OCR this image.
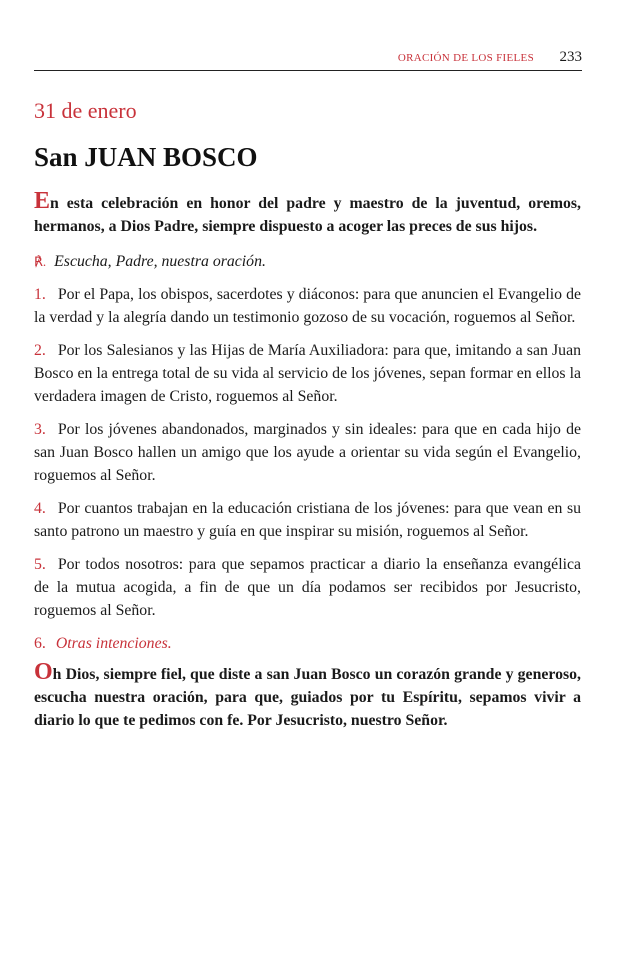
ORACIÓN DE LOS FIELES 233
31 de enero
San JUAN BOSCO

En esta celebración en honor del padre y maestro de la juventud, oremos, hermanos, a Dios Padre, siempre dispuesto a acoger las preces de sus hijos.

℟. Escucha, Padre, nuestra oración.

1. Por el Papa, los obispos, sacerdotes y diáconos: para que anuncien el Evangelio de la verdad y la alegría dando un testimonio gozoso de su vocación, roguemos al Señor.

2. Por los Salesianos y las Hijas de María Auxiliadora: para que, imitando a san Juan Bosco en la entrega total de su vida al servicio de los jóvenes, sepan formar en ellos la verdadera imagen de Cristo, roguemos al Señor.

3. Por los jóvenes abandonados, marginados y sin ideales: para que en cada hijo de san Juan Bosco hallen un amigo que los ayude a orientar su vida según el Evangelio, roguemos al Señor.

4. Por cuantos trabajan en la educación cristiana de los jóvenes: para que vean en su santo patrono un maestro y guía en que inspirar su misión, roguemos al Señor.

5. Por todos nosotros: para que sepamos practicar a diario la enseñanza evangélica de la mutua acogida, a fin de que un día podamos ser recibidos por Jesucristo, roguemos al Señor.

6. Otras intenciones.

Oh Dios, siempre fiel, que diste a san Juan Bosco un corazón grande y generoso, escucha nuestra oración, para que, guiados por tu Espíritu, sepamos vivir a diario lo que te pedimos con fe. Por Jesucristo, nuestro Señor.
